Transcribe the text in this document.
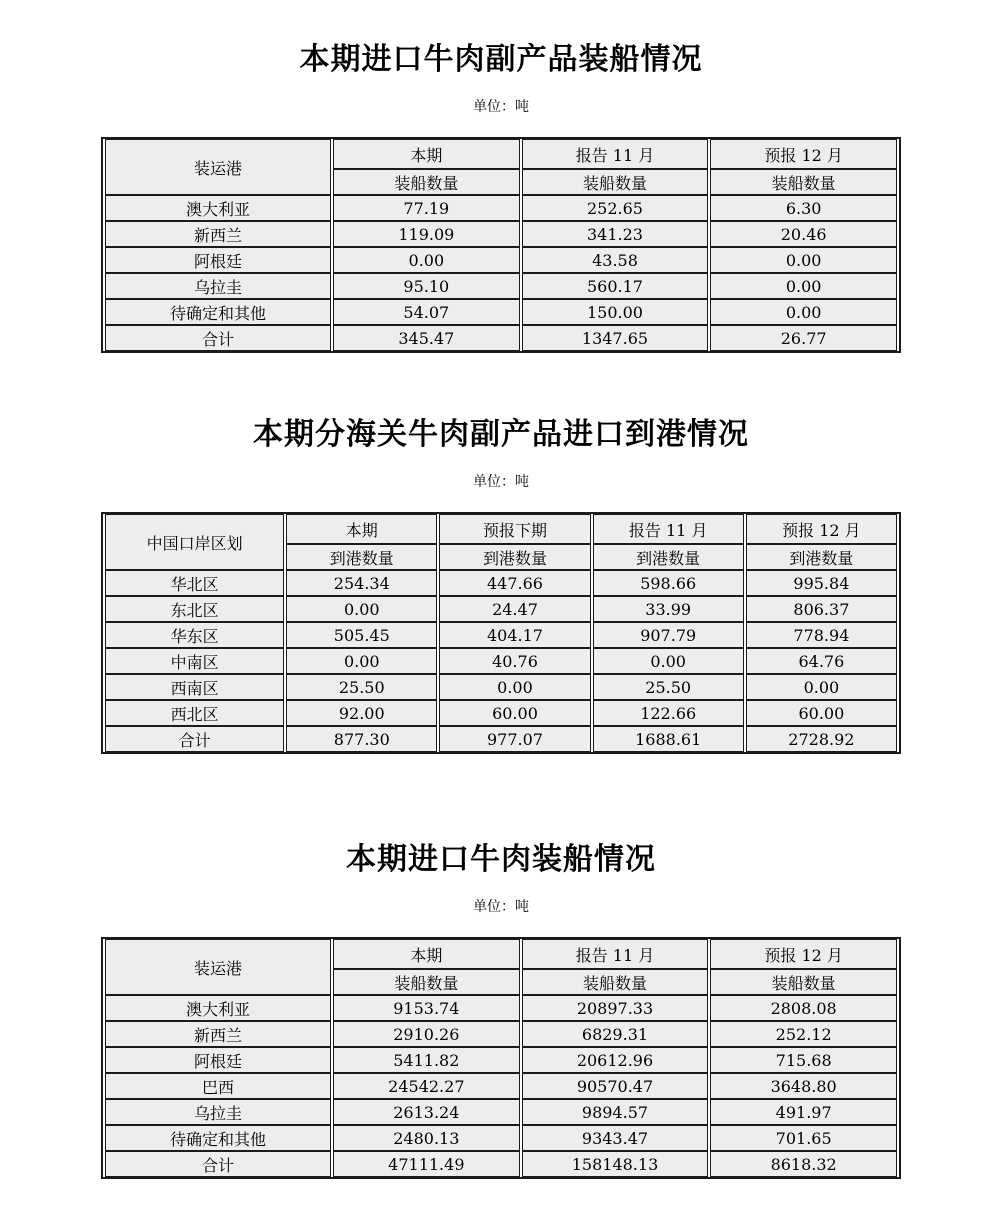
本期进口牛肉副产品装船情况

单位：吨

装运港	本期	报告 11 月	预报 12 月
	装船数量	装船数量	装船数量
澳大利亚	77.19	252.65	6.30
新西兰	119.09	341.23	20.46
阿根廷	0.00	43.58	0.00
乌拉圭	95.10	560.17	0.00
待确定和其他	54.07	150.00	0.00
合计	345.47	1347.65	26.77
本期分海关牛肉副产品进口到港情况

单位：吨

中国口岸区划	本期	预报下期	报告 11 月	预报 12 月
	到港数量	到港数量	到港数量	到港数量
华北区	254.34	447.66	598.66	995.84
东北区	0.00	24.47	33.99	806.37
华东区	505.45	404.17	907.79	778.94
中南区	0.00	40.76	0.00	64.76
西南区	25.50	0.00	25.50	0.00
西北区	92.00	60.00	122.66	60.00
合计	877.30	977.07	1688.61	2728.92
本期进口牛肉装船情况

单位：吨

装运港	本期	报告 11 月	预报 12 月
	装船数量	装船数量	装船数量
澳大利亚	9153.74	20897.33	2808.08
新西兰	2910.26	6829.31	252.12
阿根廷	5411.82	20612.96	715.68
巴西	24542.27	90570.47	3648.80
乌拉圭	2613.24	9894.57	491.97
待确定和其他	2480.13	9343.47	701.65
合计	47111.49	158148.13	8618.32
